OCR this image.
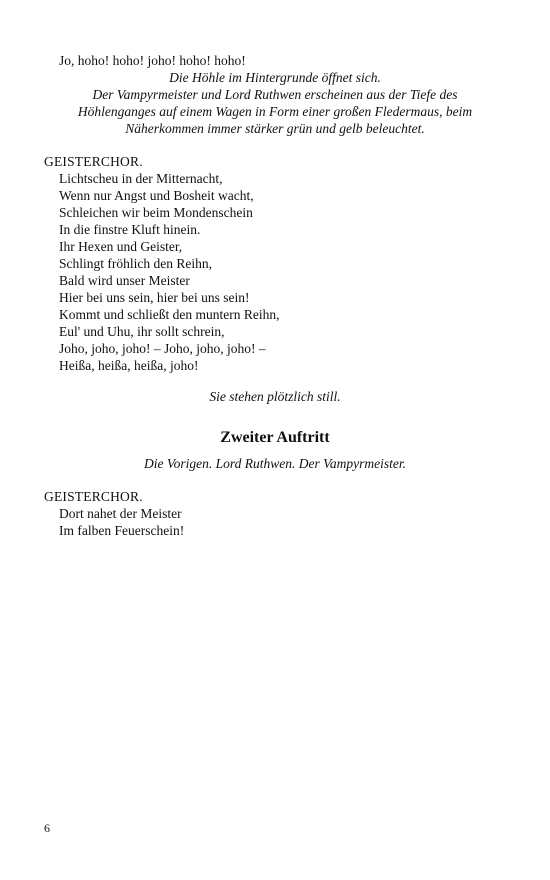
Jo, hoho! hoho! joho! hoho! hoho!
Die Höhle im Hintergrunde öffnet sich.
Der Vampyrmeister und Lord Ruthwen erscheinen aus der Tiefe des
Höhlenganges auf einem Wagen in Form einer großen Fledermaus, beim
Näherkommen immer stärker grün und gelb beleuchtet.
GEISTERCHOR.
Lichtscheu in der Mitternacht,
Wenn nur Angst und Bosheit wacht,
Schleichen wir beim Mondenschein
In die finstre Kluft hinein.
Ihr Hexen und Geister,
Schlingt fröhlich den Reihn,
Bald wird unser Meister
Hier bei uns sein, hier bei uns sein!
Kommt und schließt den muntern Reihn,
Eul' und Uhu, ihr sollt schrein,
Joho, joho, joho! – Joho, joho, joho! –
Heißa, heißa, heißa, joho!
Sie stehen plötzlich still.
Zweiter Auftritt
Die Vorigen. Lord Ruthwen. Der Vampyrmeister.
GEISTERCHOR.
Dort nahet der Meister
Im falben Feuerschein!
6
